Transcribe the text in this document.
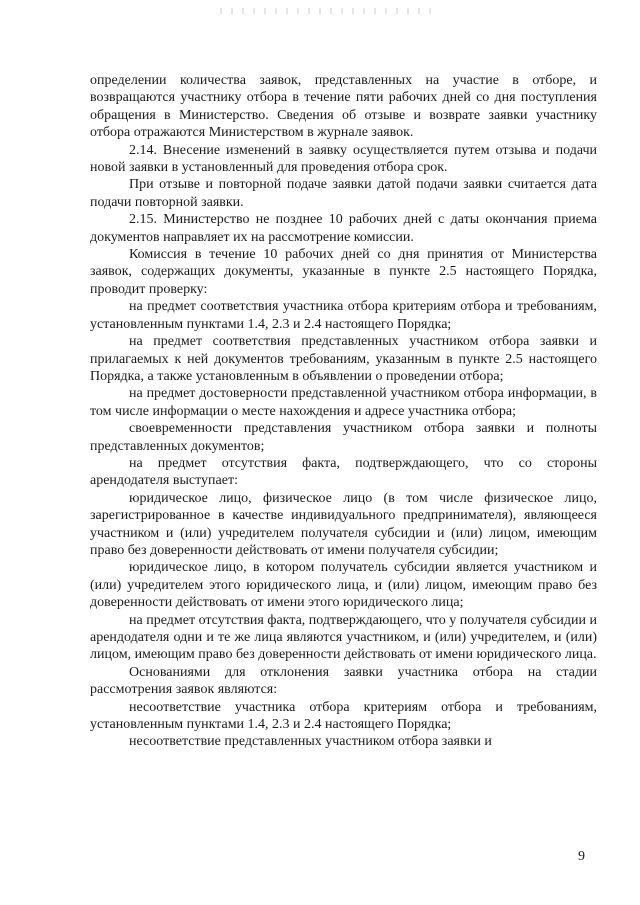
определении количества заявок, представленных на участие в отборе, и возвращаются участнику отбора в течение пяти рабочих дней со дня поступления обращения в Министерство. Сведения об отзыве и возврате заявки участнику отбора отражаются Министерством в журнале заявок.

2.14. Внесение изменений в заявку осуществляется путем отзыва и подачи новой заявки в установленный для проведения отбора срок.

При отзыве и повторной подаче заявки датой подачи заявки считается дата подачи повторной заявки.

2.15. Министерство не позднее 10 рабочих дней с даты окончания приема документов направляет их на рассмотрение комиссии.

Комиссия в течение 10 рабочих дней со дня принятия от Министерства заявок, содержащих документы, указанные в пункте 2.5 настоящего Порядка, проводит проверку:

на предмет соответствия участника отбора критериям отбора и требованиям, установленным пунктами 1.4, 2.3 и 2.4 настоящего Порядка;

на предмет соответствия представленных участником отбора заявки и прилагаемых к ней документов требованиям, указанным в пункте 2.5 настоящего Порядка, а также установленным в объявлении о проведении отбора;

на предмет достоверности представленной участником отбора информации, в том числе информации о месте нахождения и адресе участника отбора;

своевременности представления участником отбора заявки и полноты представленных документов;

на предмет отсутствия факта, подтверждающего, что со стороны арендодателя выступает:

юридическое лицо, физическое лицо (в том числе физическое лицо, зарегистрированное в качестве индивидуального предпринимателя), являющееся участником и (или) учредителем получателя субсидии и (или) лицом, имеющим право без доверенности действовать от имени получателя субсидии;

юридическое лицо, в котором получатель субсидии является участником и (или) учредителем этого юридического лица, и (или) лицом, имеющим право без доверенности действовать от имени этого юридического лица;

на предмет отсутствия факта, подтверждающего, что у получателя субсидии и арендодателя одни и те же лица являются участником, и (или) учредителем, и (или) лицом, имеющим право без доверенности действовать от имени юридического лица.

Основаниями для отклонения заявки участника отбора на стадии рассмотрения заявок являются:

несоответствие участника отбора критериям отбора и требованиям, установленным пунктами 1.4, 2.3 и 2.4 настоящего Порядка;

несоответствие представленных участником отбора заявки и

9
